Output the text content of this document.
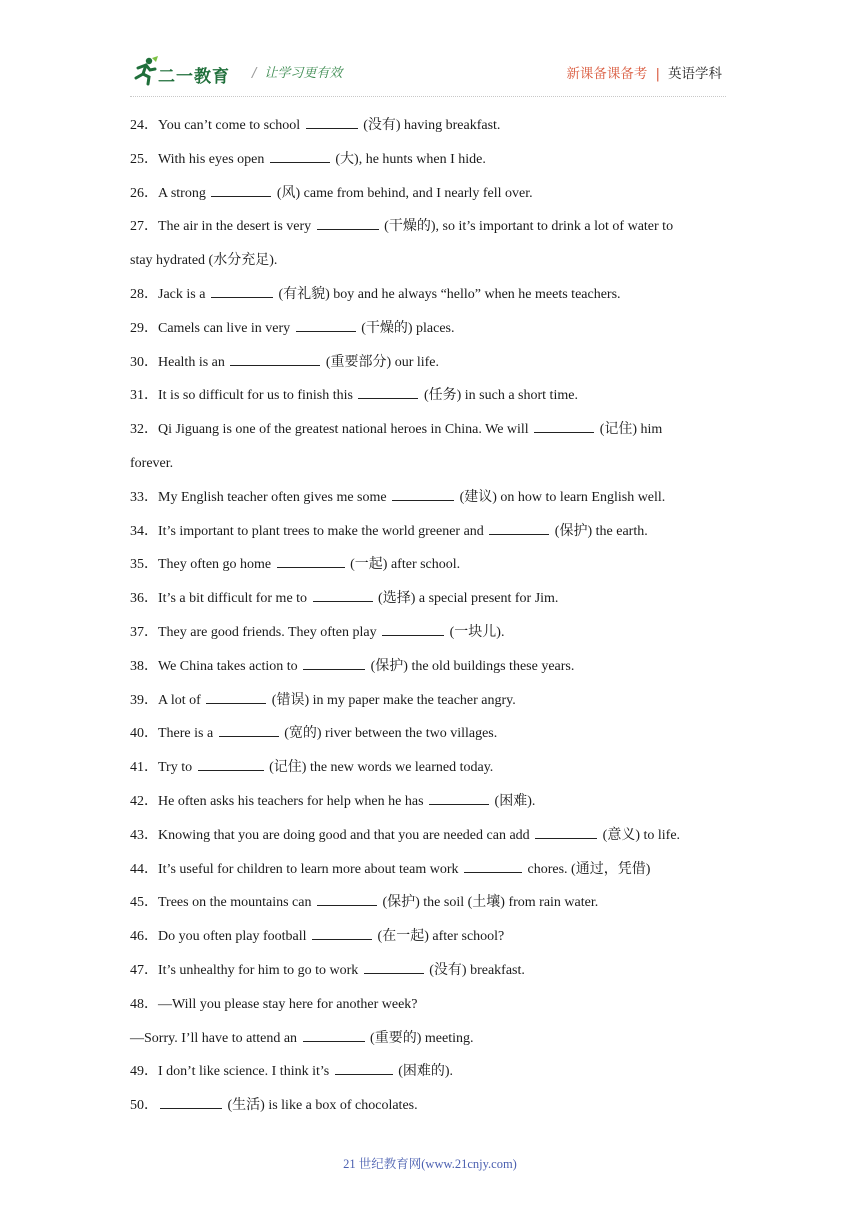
二一教育 / 让学习更有效	新课备课备考 | 英语学科
24．You can’t come to school	(没有) having breakfast.
25．With his eyes open	(大), he hunts when I hide.
26．A strong	(风) came from behind, and I nearly fell over.
27．The air in the desert is very	(干燥的), so it’s important to drink a lot of water to
stay hydrated (水分充足).
28．Jack is a	(有礼貌) boy and he always “hello” when he meets teachers.
29．Camels can live in very	(干燥的) places.
30．Health is an	(重要部分) our life.
31．It is so difficult for us to finish this	(任务) in such a short time.
32．Qi Jiguang is one of the greatest national heroes in China. We will	(记住) him
forever.
33．My English teacher often gives me some	(建议) on how to learn English well.
34．It’s important to plant trees to make the world greener and	(保护) the earth.
35．They often go home	(一起) after school.
36．It’s a bit difficult for me to	(选择) a special present for Jim.
37．They are good friends. They often play	(一块儿).
38．We China takes action to	(保护) the old buildings these years.
39．A lot of	(错误) in my paper make the teacher angry.
40．There is a	(宽的) river between the two villages.
41．Try to	(记住) the new words we learned today.
42．He often asks his teachers for help when he has	(困难).
43．Knowing that you are doing good and that you are needed can add	(意义) to life.
44．It’s useful for children to learn more about team work	chores. (通过，凭借)
45．Trees on the mountains can	(保护) the soil (土壤) from rain water.
46．Do you often play football	(在一起) after school?
47．It’s unhealthy for him to go to work	(没有) breakfast.
48．—Will you please stay here for another week?
—Sorry. I’ll have to attend an	(重要的) meeting.
49．I don’t like science. I think it’s	(困难的).
50．	(生活) is like a box of chocolates.
21 世纪教育网(www.21cnjy.com)
